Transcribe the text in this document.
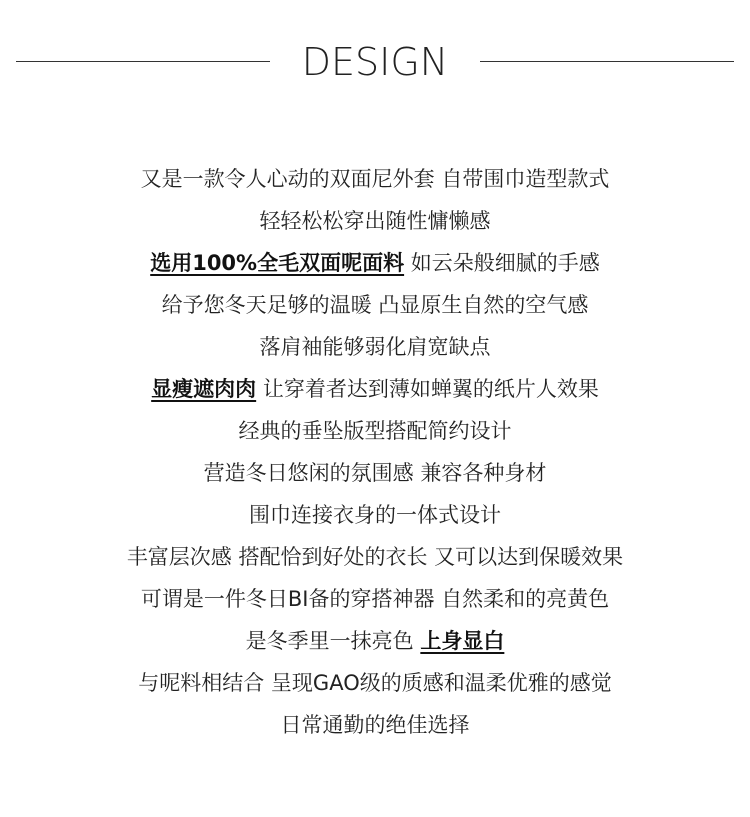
DESIGN
又是一款令人心动的双面尼外套 自带围巾造型款式
轻轻松松穿出随性慵懒感
选用100%全毛双面呢面料 如云朵般细腻的手感
给予您冬天足够的温暖 凸显原生自然的空气感
落肩袖能够弱化肩宽缺点
显瘦遮肉肉 让穿着者达到薄如蝉翼的纸片人效果
经典的垂坠版型搭配简约设计
营造冬日悠闲的氛围感 兼容各种身材
围巾连接衣身的一体式设计
丰富层次感 搭配恰到好处的衣长 又可以达到保暖效果
可谓是一件冬日BI备的穿搭神器 自然柔和的亮黄色
是冬季里一抹亮色 上身显白
与呢料相结合 呈现GAO级的质感和温柔优雅的感觉
日常通勤的绝佳选择
